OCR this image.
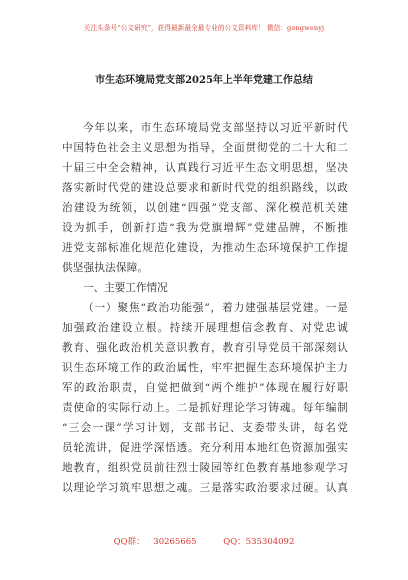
关注头条号“公文研究”，获得最新最全最专业的公文资料库！ 微信：gongwenyj
市生态环境局党支部2025年上半年党建工作总结
今年以来，市生态环境局党支部坚持以习近平新时代
中国特色社会主义思想为指导，全面贯彻党的二十大和二
十届三中全会精神，认真践行习近平生态文明思想，坚决
落实新时代党的建设总要求和新时代党的组织路线，以政
治建设为统领，以创建“四强”党支部、深化模范机关建
设为抓手，创新打造“我为党旗增辉”党建品牌，不断推
进党支部标准化规范化建设，为推动生态环境保护工作提
供坚强执法保障。
一、主要工作情况
（一）聚焦“政治功能强”，着力建强基层党建。一是
加强政治建设立根。持续开展理想信念教育、对党忠诚
教育、强化政治机关意识教育，教育引导党员干部深刻认
识生态环境工作的政治属性，牢牢把握生态环境保护主力
军的政治职责，自觉把做到“两个维护”体现在履行好职
责使命的实际行动上。二是抓好理论学习铸魂。每年编制
“三会一课”学习计划，支部书记、支委带头讲，每名党
员轮流讲，促进学深悟透。充分利用本地红色资源加强实
地教育，组织党员前往烈士陵园等红色教育基地参观学习
以理论学习筑牢思想之魂。三是落实政治要求过硬。认真
QQ群： 30265665	QQ：535304092
